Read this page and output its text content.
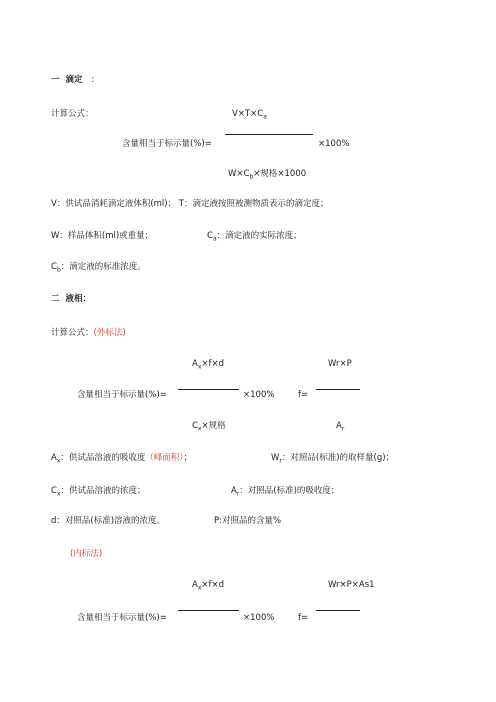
一 滴定 :
计算公式：	$V\times T\times C_a$
含量相当于标示量(%)=	×100%
$W\times C_b\times$规格×1000
V：供试品消耗滴定液体积(ml)； T：滴定液按照被测物质表示的滴定度；
W：样品体积(ml)或重量；	$C_a$：滴定液的实际浓度；
$C_b$：滴定液的标准浓度。
二 液相：
计算公式：(外标法)
$A_x\times f\times d$	Wr×P
含量相当于标示量(%)=	×100%	f=
$C_x\times$规格	$A_r$
$A_x$：供试品溶液的吸收度（峰面积）；	$W_r$：对照品(标准)的取样量(g)；
$C_x$：供试品溶液的浓度；	$A_r$：对照品(标准)的吸收度；
d：对照品(标准)溶液的浓度。	P:对照品的含量%
(内标法)
$A_x\times f\times d$	Wr×P×As1
含量相当于标示量(%)=	×100%	f=
